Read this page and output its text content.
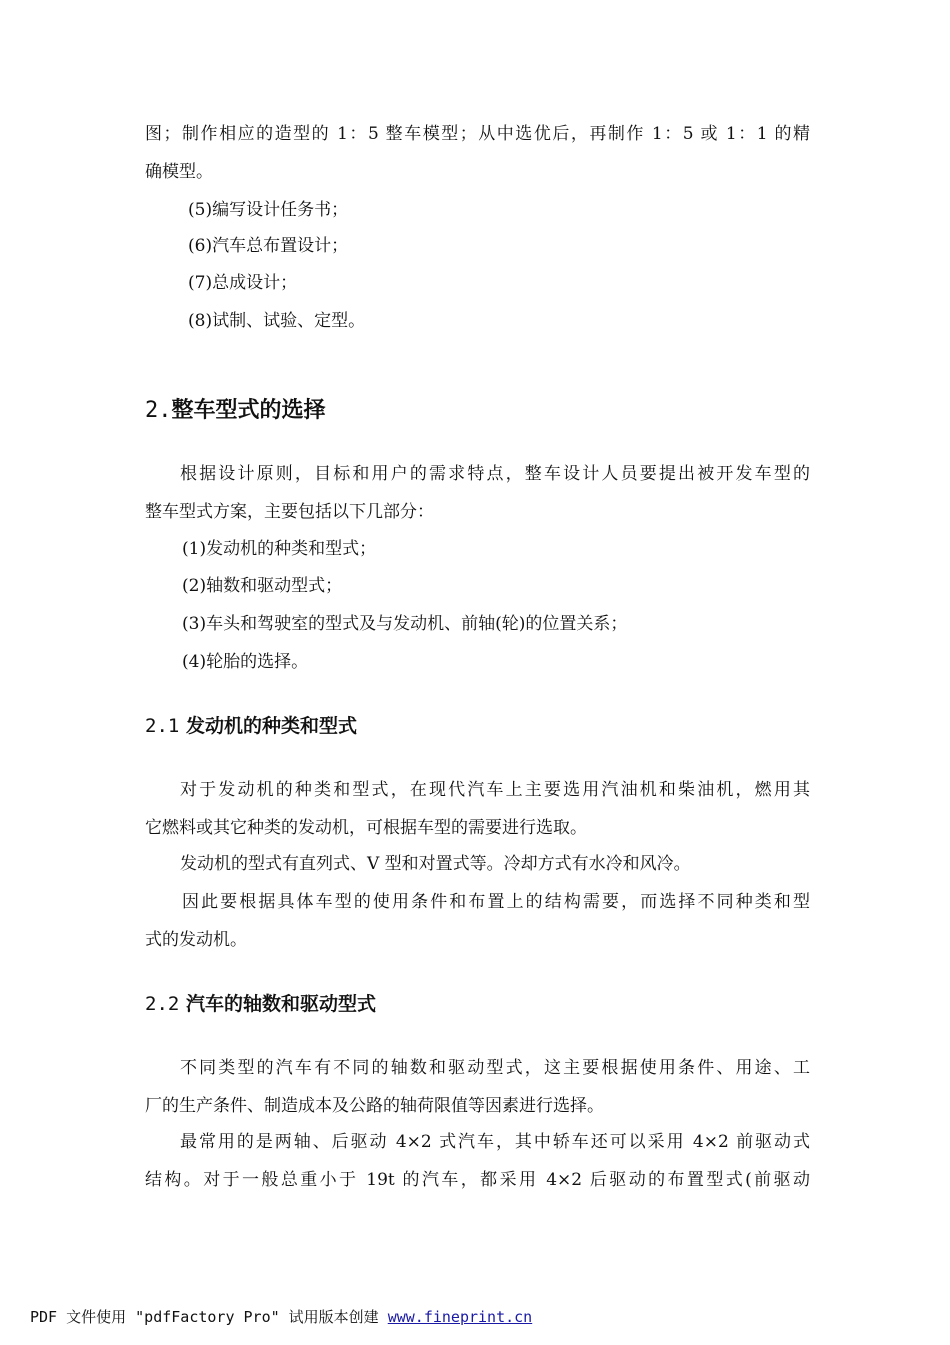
图；制作相应的造型的 1：5 整车模型；从中选优后，再制作 1：5 或 1：1 的精
确模型。
(5)编写设计任务书；
(6)汽车总布置设计；
(7)总成设计；
(8)试制、试验、定型。
2.整车型式的选择
根据设计原则，目标和用户的需求特点，整车设计人员要提出被开发车型的
整车型式方案，主要包括以下几部分：
(1)发动机的种类和型式；
(2)轴数和驱动型式；
(3)车头和驾驶室的型式及与发动机、前轴(轮)的位置关系；
(4)轮胎的选择。
2.1 发动机的种类和型式
对于发动机的种类和型式，在现代汽车上主要选用汽油机和柴油机，燃用其
它燃料或其它种类的发动机，可根据车型的需要进行选取。
发动机的型式有直列式、V 型和对置式等。冷却方式有水冷和风冷。
因此要根据具体车型的使用条件和布置上的结构需要，而选择不同种类和型
式的发动机。
2.2 汽车的轴数和驱动型式
不同类型的汽车有不同的轴数和驱动型式，这主要根据使用条件、用途、工
厂的生产条件、制造成本及公路的轴荷限值等因素进行选择。
最常用的是两轴、后驱动 4×2 式汽车，其中轿车还可以采用 4×2 前驱动式
结构。对于一般总重小于 19t 的汽车，都采用 4×2 后驱动的布置型式(前驱动
PDF 文件使用 "pdfFactory Pro" 试用版本创建 www.fineprint.cn
